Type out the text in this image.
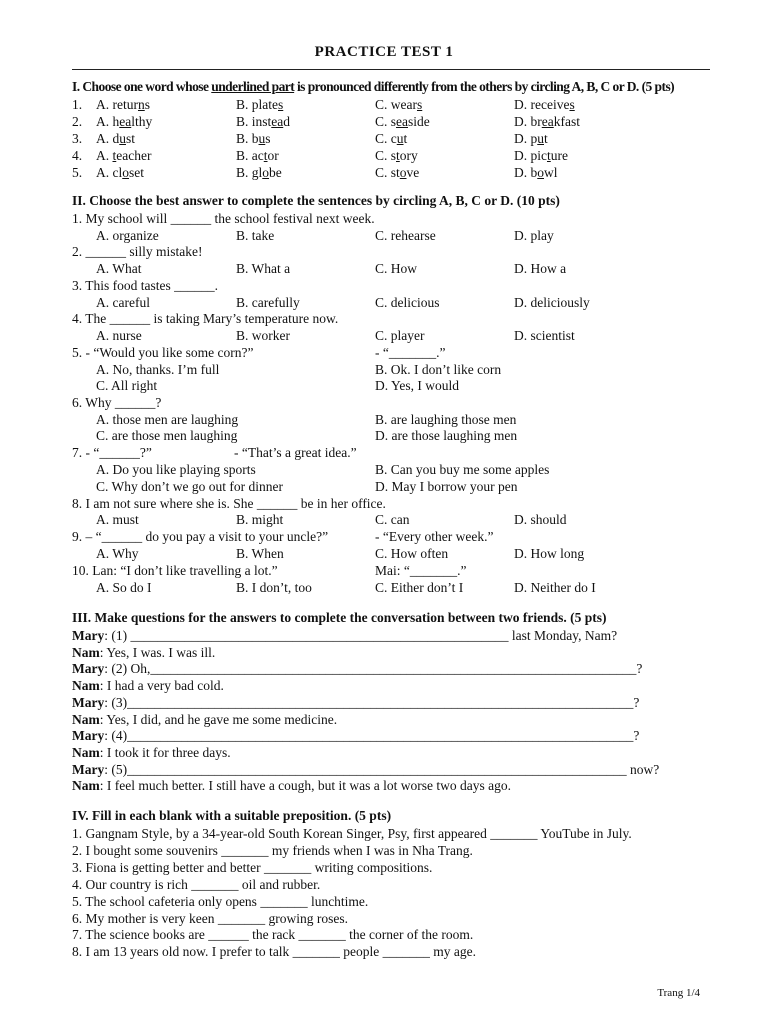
PRACTICE TEST 1
I. Choose one word whose underlined part is pronounced differently from the others by circling A, B, C or D. (5 pts)
1. A. returns	B. plates	C. wears	D. receives
2. A. healthy	B. instead	C. seaside	D. breakfast
3. A. dust	B. bus	C. cut	D. put
4. A. teacher	B. actor	C. story	D. picture
5. A. closet	B. globe	C. stove	D. bowl
II. Choose the best answer to complete the sentences by circling A, B, C or D. (10 pts)
1. My school will ______ the school festival next week.
A. organize	B. take	C. rehearse	D. play
2. ______ silly mistake!
A. What	B. What a	C. How	D. How a
3. This food tastes ______.
A. careful	B. carefully	C. delicious	D. deliciously
4. The ______ is taking Mary’s temperature now.
A. nurse	B. worker	C. player	D. scientist
5. - “Would you like some corn?”	- “_______.”
A. No, thanks. I’m full	B. Ok. I don’t like corn
C. All right	D. Yes, I would
6. Why ______?
A. those men are laughing	B. are laughing those men
C. are those men laughing	D. are those laughing men
7. - “______?”	- “That’s a great idea.”
A. Do you like playing sports	B. Can you buy me some apples
C. Why don’t we go out for dinner	D. May I borrow your pen
8. I am not sure where she is. She ______ be in her office.
A. must	B. might	C. can	D. should
9. – “______ do you pay a visit to your uncle?”	- “Every other week.”
A. Why	B. When	C. How often	D. How long
10. Lan: “I don’t like travelling a lot.”	Mai: “_______.”
A. So do I	B. I don’t, too	C. Either don’t I	D. Neither do I
III. Make questions for the answers to complete the conversation between two friends. (5 pts)
Mary: (1) ________________________________________________________ last Monday, Nam?
Nam: Yes, I was. I was ill.
Mary: (2) Oh,________________________________________________________________________?
Nam: I had a very bad cold.
Mary: (3)___________________________________________________________________________?
Nam: Yes, I did, and he gave me some medicine.
Mary: (4)___________________________________________________________________________?
Nam: I took it for three days.
Mary: (5)__________________________________________________________________________ now?
Nam: I feel much better. I still have a cough, but it was a lot worse two days ago.
IV. Fill in each blank with a suitable preposition. (5 pts)
1. Gangnam Style, by a 34-year-old South Korean Singer, Psy, first appeared _______ YouTube in July.
2. I bought some souvenirs _______ my friends when I was in Nha Trang.
3. Fiona is getting better and better _______ writing compositions.
4. Our country is rich _______ oil and rubber.
5. The school cafeteria only opens _______ lunchtime.
6. My mother is very keen _______ growing roses.
7. The science books are ______ the rack _______ the corner of the room.
8. I am 13 years old now. I prefer to talk _______ people _______ my age.
Trang 1/4
